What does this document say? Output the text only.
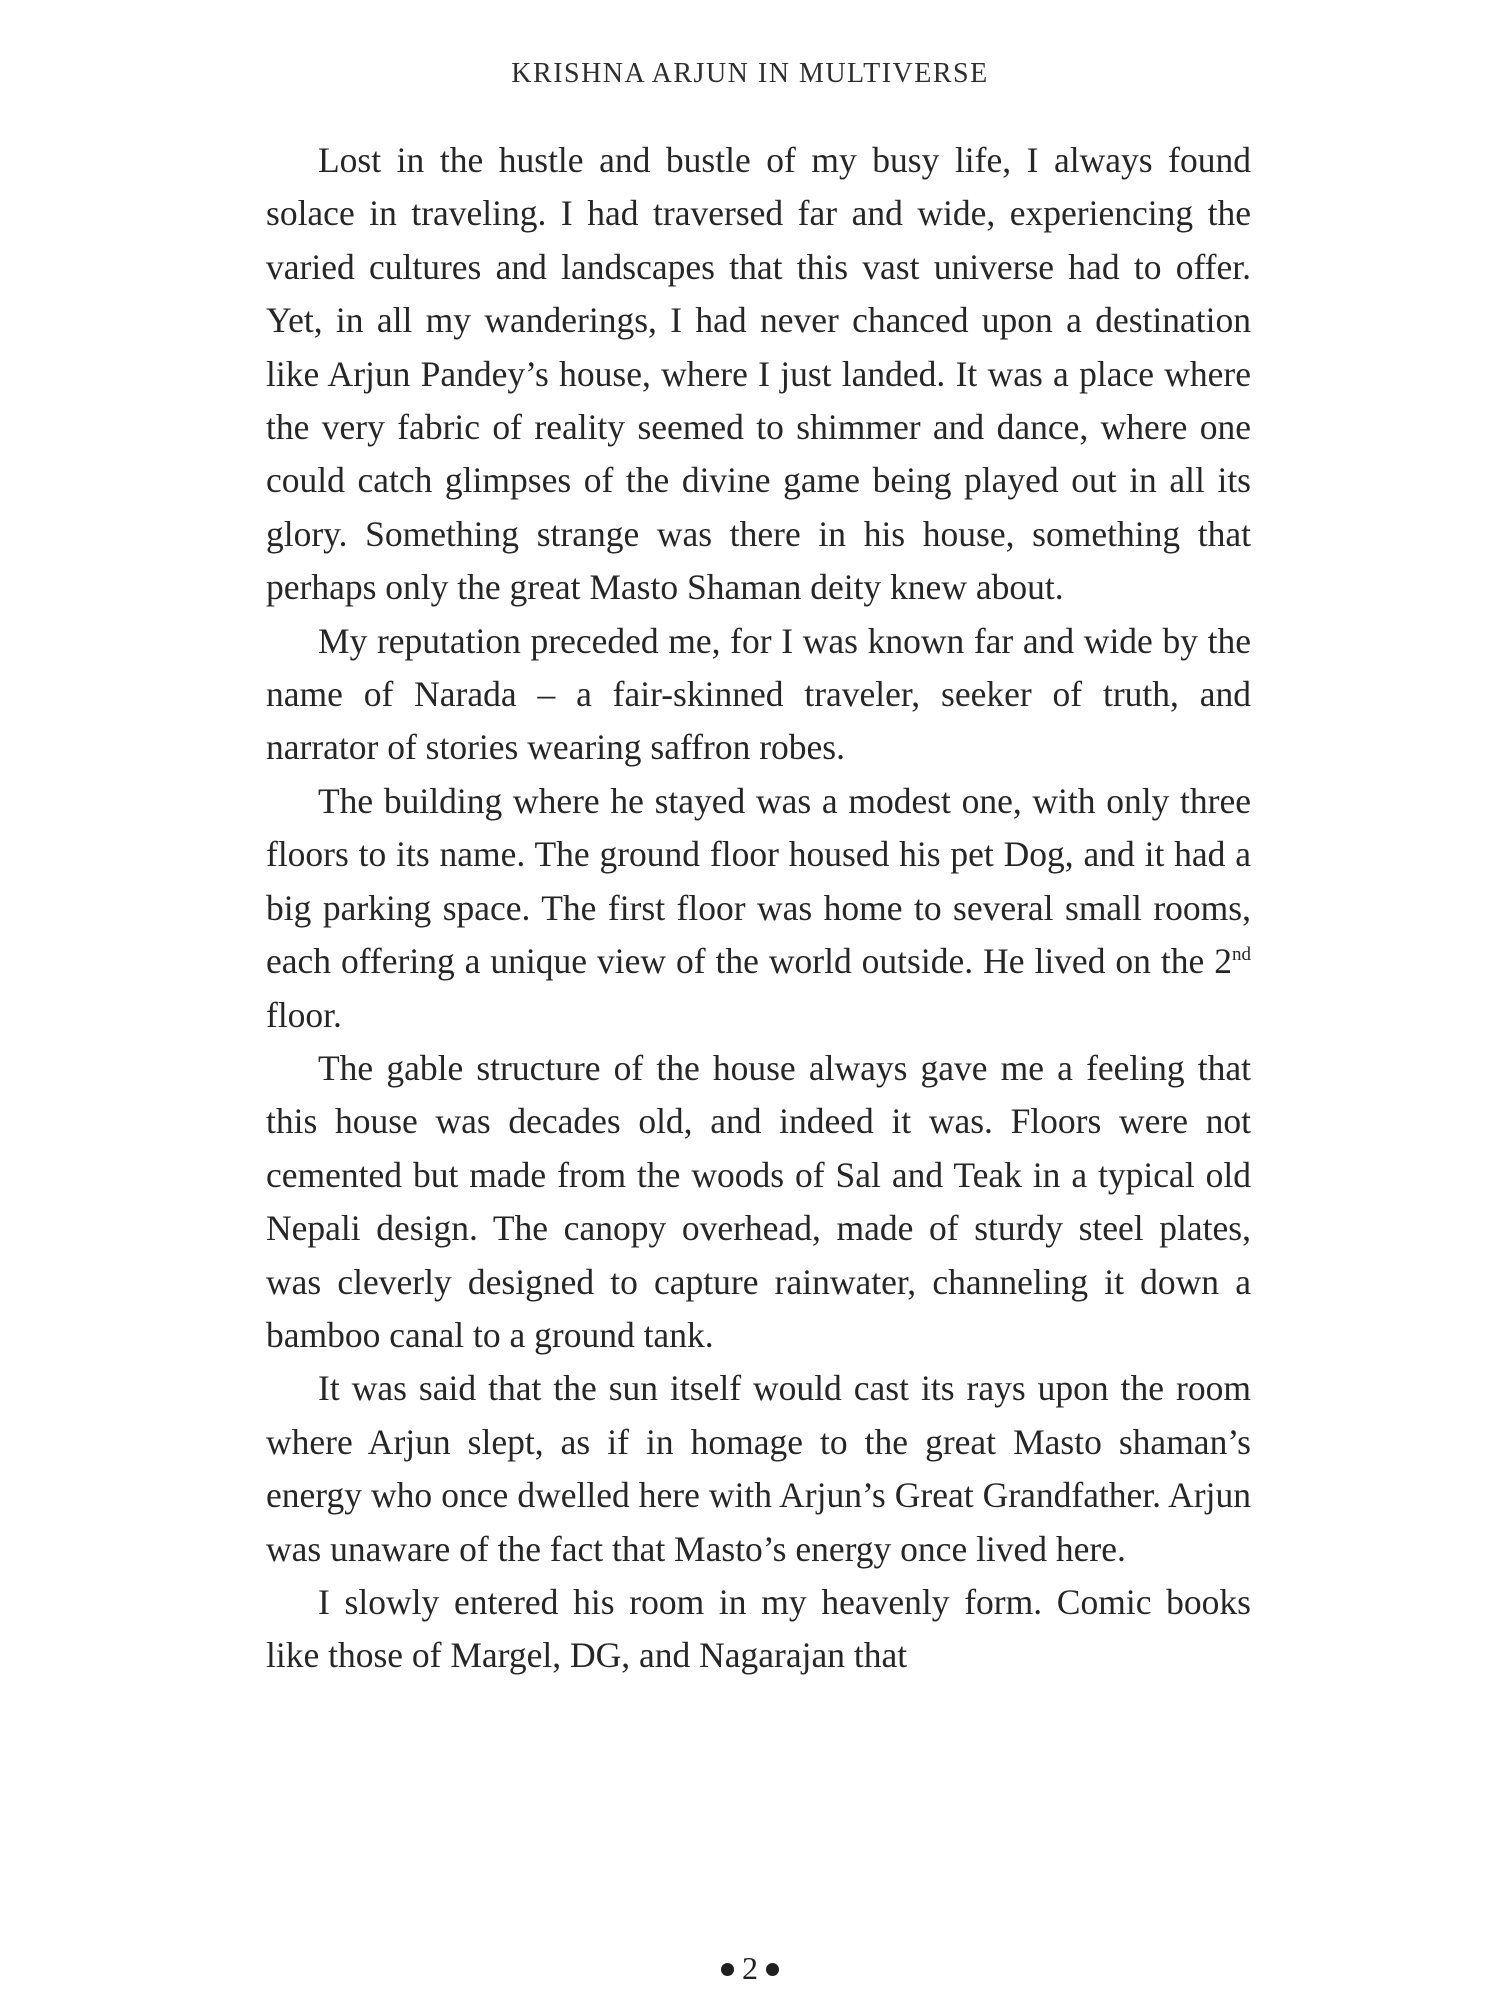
KRISHNA ARJUN IN MULTIVERSE

Lost in the hustle and bustle of my busy life, I always found solace in traveling. I had traversed far and wide, experiencing the varied cultures and landscapes that this vast universe had to offer. Yet, in all my wanderings, I had never chanced upon a destination like Arjun Pandey’s house, where I just landed. It was a place where the very fabric of reality seemed to shimmer and dance, where one could catch glimpses of the divine game being played out in all its glory. Something strange was there in his house, something that perhaps only the great Masto Shaman deity knew about.

My reputation preceded me, for I was known far and wide by the name of Narada – a fair-skinned traveler, seeker of truth, and narrator of stories wearing saffron robes.

The building where he stayed was a modest one, with only three floors to its name. The ground floor housed his pet Dog, and it had a big parking space. The first floor was home to several small rooms, each offering a unique view of the world outside. He lived on the 2nd floor.

The gable structure of the house always gave me a feeling that this house was decades old, and indeed it was. Floors were not cemented but made from the woods of Sal and Teak in a typical old Nepali design. The canopy overhead, made of sturdy steel plates, was cleverly designed to capture rainwater, channeling it down a bamboo canal to a ground tank.

It was said that the sun itself would cast its rays upon the room where Arjun slept, as if in homage to the great Masto shaman’s energy who once dwelled here with Arjun’s Great Grandfather. Arjun was unaware of the fact that Masto’s energy once lived here.

I slowly entered his room in my heavenly form. Comic books like those of Margel, DG, and Nagarajan that

2
